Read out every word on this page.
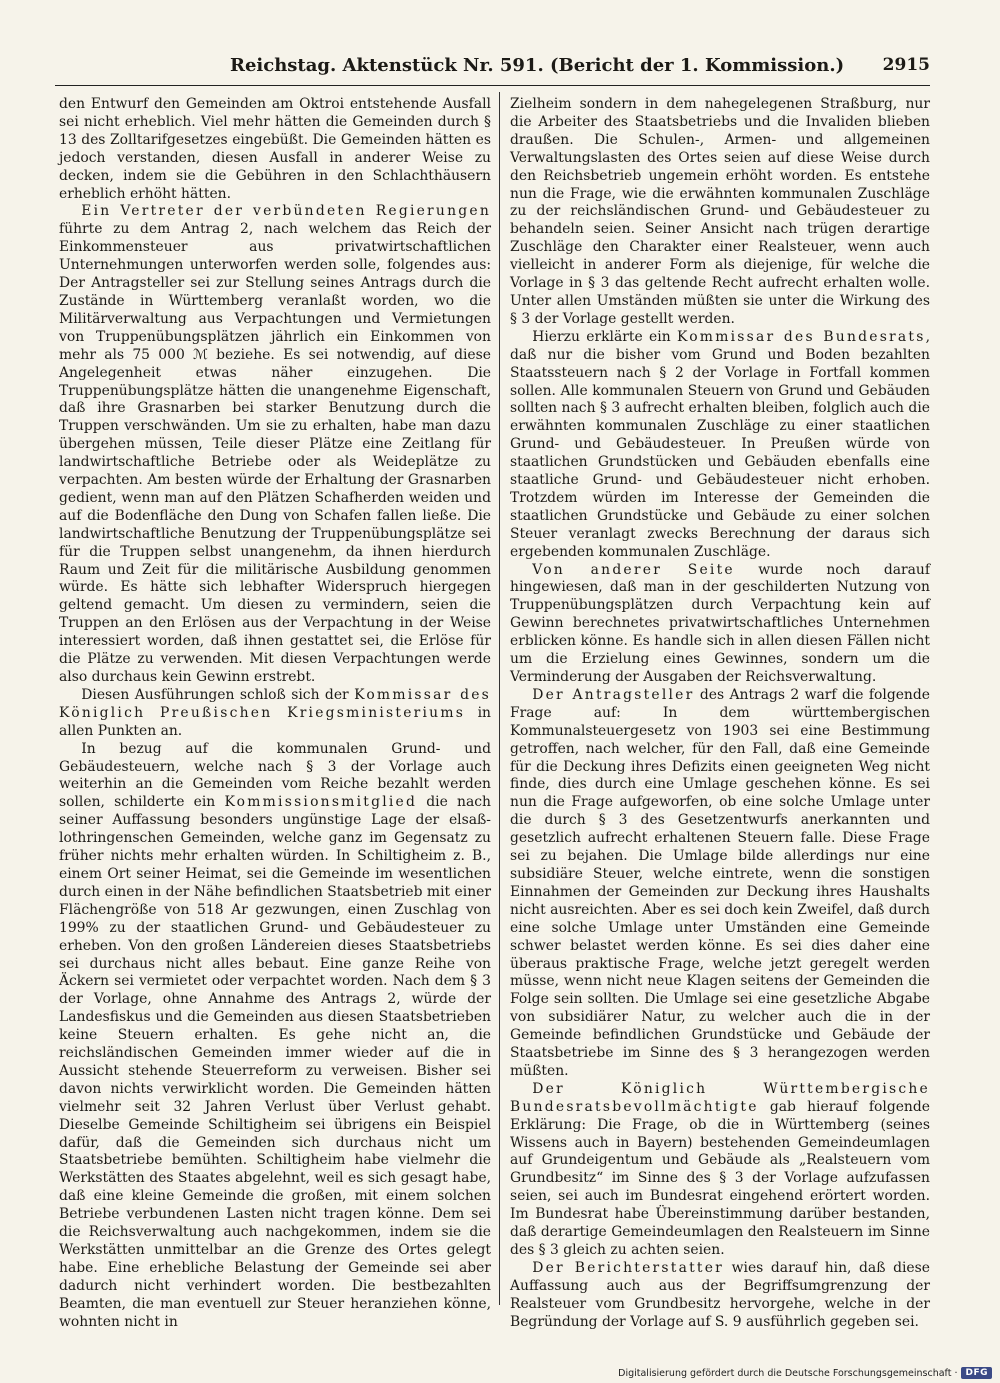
Reichstag. Aktenstück Nr. 591. (Bericht der 1. Kommission.) 2915

den Entwurf den Gemeinden am Oktroi entstehende Ausfall sei nicht erheblich. Viel mehr hätten die Gemeinden durch § 13 des Zolltarifgesetzes eingebüßt. Die Gemeinden hätten es jedoch verstanden, diesen Ausfall in anderer Weise zu decken, indem sie die Gebühren in den Schlachthäusern erheblich erhöht hätten.

Ein Vertreter der verbündeten Regierungen führte zu dem Antrag 2, nach welchem das Reich der Einkommensteuer aus privatwirtschaftlichen Unternehmungen unterworfen werden solle, folgendes aus: Der Antragsteller sei zur Stellung seines Antrags durch die Zustände in Württemberg veranlaßt worden, wo die Militärverwaltung aus Verpachtungen und Vermietungen von Truppenübungsplätzen jährlich ein Einkommen von mehr als 75 000 ℳ beziehe. Es sei notwendig, auf diese Angelegenheit etwas näher einzugehen. Die Truppenübungsplätze hätten die unangenehme Eigenschaft, daß ihre Grasnarben bei starker Benutzung durch die Truppen verschwänden. Um sie zu erhalten, habe man dazu übergehen müssen, Teile dieser Plätze eine Zeitlang für landwirtschaftliche Betriebe oder als Weideplätze zu verpachten. Am besten würde der Erhaltung der Grasnarben gedient, wenn man auf den Plätzen Schafherden weiden und auf die Bodenfläche den Dung von Schafen fallen ließe. Die landwirtschaftliche Benutzung der Truppenübungsplätze sei für die Truppen selbst unangenehm, da ihnen hierdurch Raum und Zeit für die militärische Ausbildung genommen würde. Es hätte sich lebhafter Widerspruch hiergegen geltend gemacht. Um diesen zu vermindern, seien die Truppen an den Erlösen aus der Verpachtung in der Weise interessiert worden, daß ihnen gestattet sei, die Erlöse für die Plätze zu verwenden. Mit diesen Verpachtungen werde also durchaus kein Gewinn erstrebt.

Diesen Ausführungen schloß sich der Kommissar des Königlich Preußischen Kriegsministeriums in allen Punkten an.

In bezug auf die kommunalen Grund- und Gebäudesteuern, welche nach § 3 der Vorlage auch weiterhin an die Gemeinden vom Reiche bezahlt werden sollen, schilderte ein Kommissionsmitglied die nach seiner Auffassung besonders ungünstige Lage der elsaß-lothringenschen Gemeinden, welche ganz im Gegensatz zu früher nichts mehr erhalten würden. In Schiltigheim z. B., einem Ort seiner Heimat, sei die Gemeinde im wesentlichen durch einen in der Nähe befindlichen Staatsbetrieb mit einer Flächengröße von 518 Ar gezwungen, einen Zuschlag von 199% zu der staatlichen Grund- und Gebäudesteuer zu erheben. Von den großen Ländereien dieses Staatsbetriebs sei durchaus nicht alles bebaut. Eine ganze Reihe von Äckern sei vermietet oder verpachtet worden. Nach dem § 3 der Vorlage, ohne Annahme des Antrags 2, würde der Landesfiskus und die Gemeinden aus diesen Staatsbetrieben keine Steuern erhalten. Es gehe nicht an, die reichsländischen Gemeinden immer wieder auf die in Aussicht stehende Steuerreform zu verweisen. Bisher sei davon nichts verwirklicht worden. Die Gemeinden hätten vielmehr seit 32 Jahren Verlust über Verlust gehabt. Dieselbe Gemeinde Schiltigheim sei übrigens ein Beispiel dafür, daß die Gemeinden sich durchaus nicht um Staatsbetriebe bemühten. Schiltigheim habe vielmehr die Werkstätten des Staates abgelehnt, weil es sich gesagt habe, daß eine kleine Gemeinde die großen, mit einem solchen Betriebe verbundenen Lasten nicht tragen könne. Dem sei die Reichsverwaltung auch nachgekommen, indem sie die Werkstätten unmittelbar an die Grenze des Ortes gelegt habe. Eine erhebliche Belastung der Gemeinde sei aber dadurch nicht verhindert worden. Die bestbezahlten Beamten, die man eventuell zur Steuer heranziehen könne, wohnten nicht in

Zielheim sondern in dem nahegelegenen Straßburg, nur die Arbeiter des Staatsbetriebs und die Invaliden blieben draußen. Die Schulen-, Armen- und allgemeinen Verwaltungslasten des Ortes seien auf diese Weise durch den Reichsbetrieb ungemein erhöht worden. Es entstehe nun die Frage, wie die erwähnten kommunalen Zuschläge zu der reichsländischen Grund- und Gebäudesteuer zu behandeln seien. Seiner Ansicht nach trügen derartige Zuschläge den Charakter einer Realsteuer, wenn auch vielleicht in anderer Form als diejenige, für welche die Vorlage in § 3 das geltende Recht aufrecht erhalten wolle. Unter allen Umständen müßten sie unter die Wirkung des § 3 der Vorlage gestellt werden.

Hierzu erklärte ein Kommissar des Bundesrats, daß nur die bisher vom Grund und Boden bezahlten Staatssteuern nach § 2 der Vorlage in Fortfall kommen sollen. Alle kommunalen Steuern von Grund und Gebäuden sollten nach § 3 aufrecht erhalten bleiben, folglich auch die erwähnten kommunalen Zuschläge zu einer staatlichen Grund- und Gebäudesteuer. In Preußen würde von staatlichen Grundstücken und Gebäuden ebenfalls eine staatliche Grund- und Gebäudesteuer nicht erhoben. Trotzdem würden im Interesse der Gemeinden die staatlichen Grundstücke und Gebäude zu einer solchen Steuer veranlagt zwecks Berechnung der daraus sich ergebenden kommunalen Zuschläge.

Von anderer Seite wurde noch darauf hingewiesen, daß man in der geschilderten Nutzung von Truppenübungsplätzen durch Verpachtung kein auf Gewinn berechnetes privatwirtschaftliches Unternehmen erblicken könne. Es handle sich in allen diesen Fällen nicht um die Erzielung eines Gewinnes, sondern um die Verminderung der Ausgaben der Reichsverwaltung.

Der Antragsteller des Antrags 2 warf die folgende Frage auf: In dem württembergischen Kommunalsteuergesetz von 1903 sei eine Bestimmung getroffen, nach welcher, für den Fall, daß eine Gemeinde für die Deckung ihres Defizits einen geeigneten Weg nicht finde, dies durch eine Umlage geschehen könne. Es sei nun die Frage aufgeworfen, ob eine solche Umlage unter die durch § 3 des Gesetzentwurfs anerkannten und gesetzlich aufrecht erhaltenen Steuern falle. Diese Frage sei zu bejahen. Die Umlage bilde allerdings nur eine subsidiäre Steuer, welche eintrete, wenn die sonstigen Einnahmen der Gemeinden zur Deckung ihres Haushalts nicht ausreichten. Aber es sei doch kein Zweifel, daß durch eine solche Umlage unter Umständen eine Gemeinde schwer belastet werden könne. Es sei dies daher eine überaus praktische Frage, welche jetzt geregelt werden müsse, wenn nicht neue Klagen seitens der Gemeinden die Folge sein sollten. Die Umlage sei eine gesetzliche Abgabe von subsidiärer Natur, zu welcher auch die in der Gemeinde befindlichen Grundstücke und Gebäude der Staatsbetriebe im Sinne des § 3 herangezogen werden müßten.

Der Königlich Württembergische Bundesratsbevollmächtigte gab hierauf folgende Erklärung: Die Frage, ob die in Württemberg (seines Wissens auch in Bayern) bestehenden Gemeindeumlagen auf Grundeigentum und Gebäude als „Realsteuern vom Grundbesitz“ im Sinne des § 3 der Vorlage aufzufassen seien, sei auch im Bundesrat eingehend erörtert worden. Im Bundesrat habe Übereinstimmung darüber bestanden, daß derartige Gemeindeumlagen den Realsteuern im Sinne des § 3 gleich zu achten seien.

Der Berichterstatter wies darauf hin, daß diese Auffassung auch aus der Begriffsumgrenzung der Realsteuer vom Grundbesitz hervorgehe, welche in der Begründung der Vorlage auf S. 9 ausführlich gegeben sei.

Digitalisierung gefördert durch die Deutsche Forschungsgemeinschaft · DFG
